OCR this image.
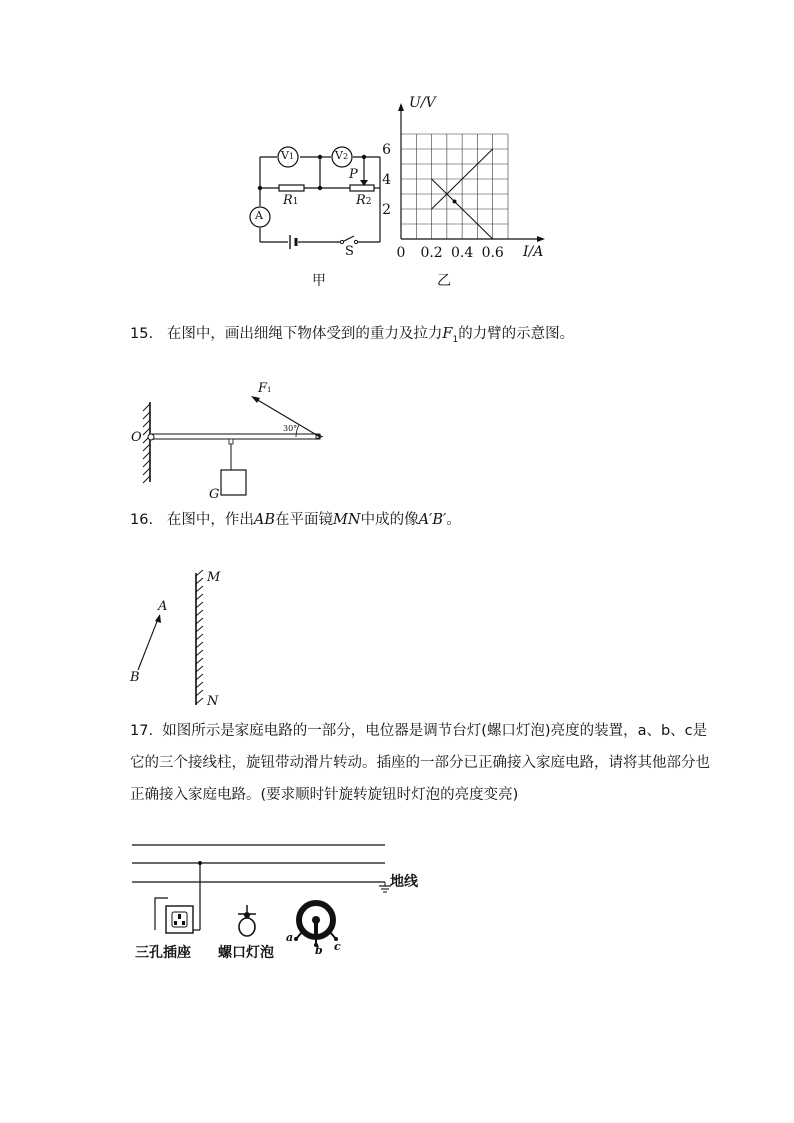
V1	V2
A
R1	R2
P
S
甲
2
4
6
0 0.2 0.4 0.6
U/V
I/A
乙
15. 在图中，画出细绳下物体受到的重力及拉力$F_1$的力臂的示意图。
O
F1
30°
G
16. 在图中，作出AB在平面镜MN中成的像A′B′。
A
B
M
N
17. 如图所示是家庭电路的一部分，电位器是调节台灯(螺口灯泡)亮度的装置，a、b、c是
它的三个接线柱，旋钮带动滑片转动。插座的一部分已正确接入家庭电路，请将其他部分也
正确接入家庭电路。(要求顺时针旋转旋钮时灯泡的亮度变亮)
地线
三孔插座 螺口灯泡
a
b c
